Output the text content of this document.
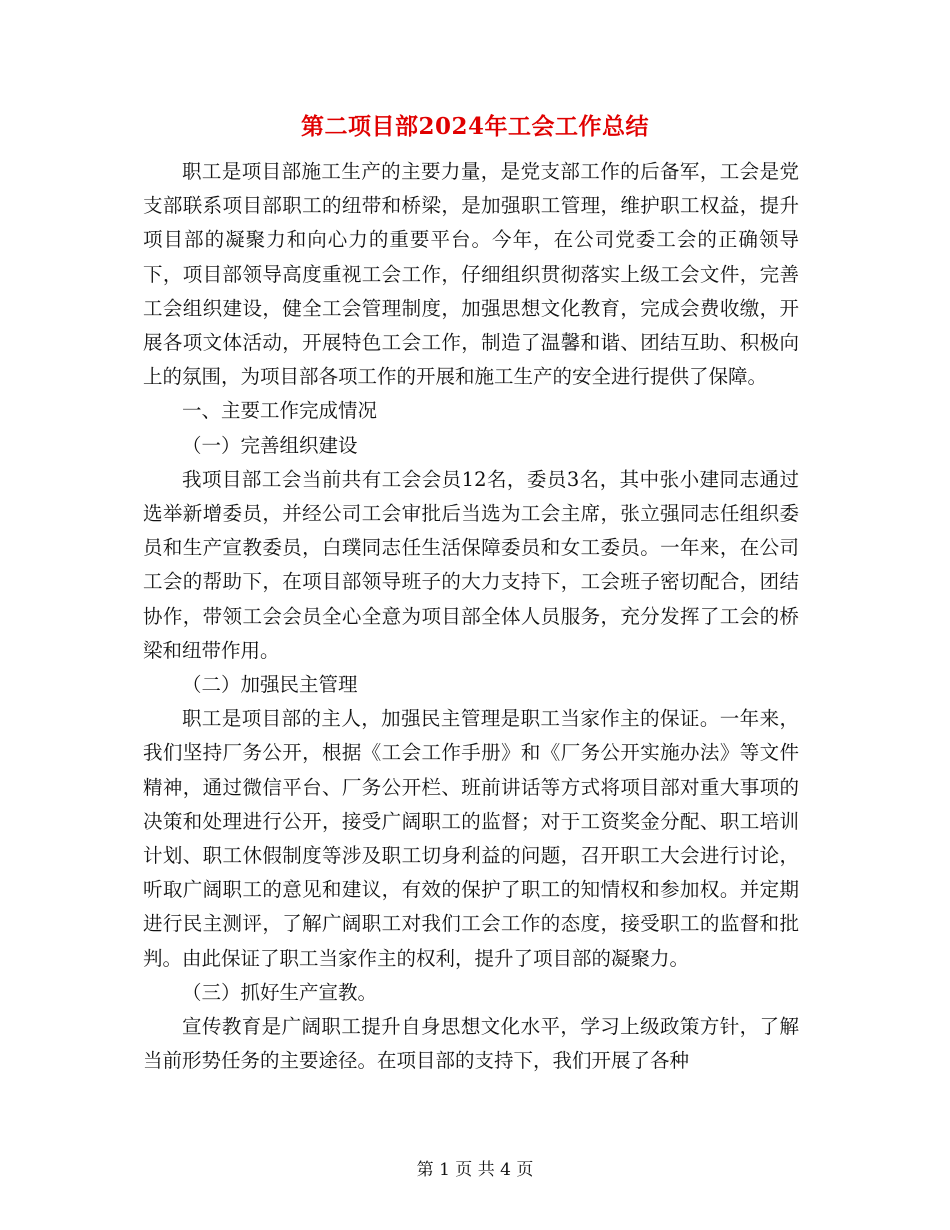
第二项目部2024年工会工作总结

职工是项目部施工生产的主要力量，是党支部工作的后备军，工会是党支部联系项目部职工的纽带和桥梁，是加强职工管理，维护职工权益，提升项目部的凝聚力和向心力的重要平台。今年，在公司党委工会的正确领导下，项目部领导高度重视工会工作，仔细组织贯彻落实上级工会文件，完善工会组织建设，健全工会管理制度，加强思想文化教育，完成会费收缴，开展各项文体活动，开展特色工会工作，制造了温馨和谐、团结互助、积极向上的氛围，为项目部各项工作的开展和施工生产的安全进行提供了保障。

一、主要工作完成情况

（一）完善组织建设

我项目部工会当前共有工会会员12名，委员3名，其中张小建同志通过选举新增委员，并经公司工会审批后当选为工会主席，张立强同志任组织委员和生产宣教委员，白璞同志任生活保障委员和女工委员。一年来，在公司工会的帮助下，在项目部领导班子的大力支持下，工会班子密切配合，团结协作，带领工会会员全心全意为项目部全体人员服务，充分发挥了工会的桥梁和纽带作用。

（二）加强民主管理

职工是项目部的主人，加强民主管理是职工当家作主的保证。一年来，我们坚持厂务公开，根据《工会工作手册》和《厂务公开实施办法》等文件精神，通过微信平台、厂务公开栏、班前讲话等方式将项目部对重大事项的决策和处理进行公开，接受广阔职工的监督；对于工资奖金分配、职工培训计划、职工休假制度等涉及职工切身利益的问题，召开职工大会进行讨论，听取广阔职工的意见和建议，有效的保护了职工的知情权和参加权。并定期进行民主测评，了解广阔职工对我们工会工作的态度，接受职工的监督和批判。由此保证了职工当家作主的权利，提升了项目部的凝聚力。

（三）抓好生产宣教。

宣传教育是广阔职工提升自身思想文化水平，学习上级政策方针，了解当前形势任务的主要途径。在项目部的支持下，我们开展了各种

第 1 页 共 4 页
